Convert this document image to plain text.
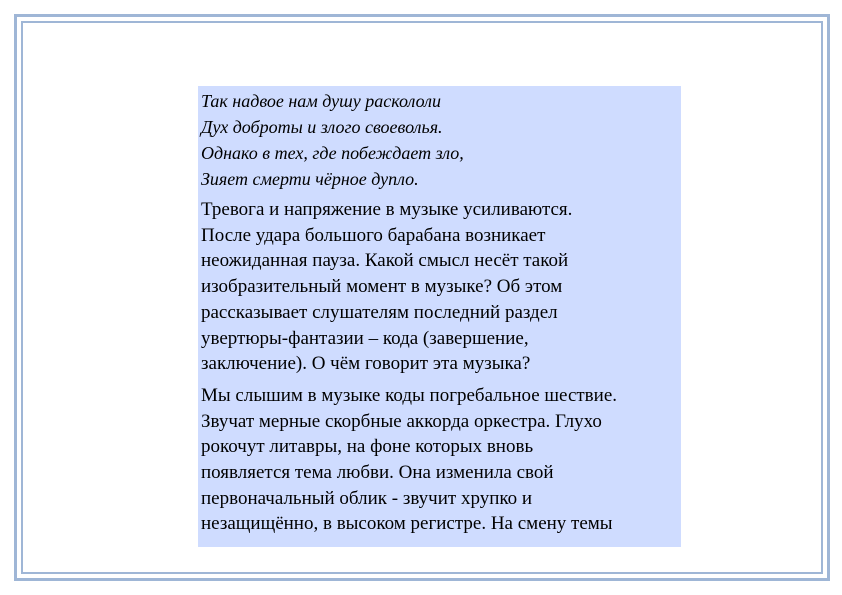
Так надвое нам душу раскололи
Дух доброты и злого своеволья.
Однако в тех, где побеждает зло,
Зияет смерти чёрное дупло.
Тревога и напряжение в музыке усиливаются.
После удара большого барабана возникает
неожиданная пауза. Какой смысл несёт такой
изобразительный момент в музыке? Об этом
рассказывает слушателям последний раздел
увертюры-фантазии – кода (завершение,
заключение). О чём говорит эта музыка?
Мы слышим в музыке коды погребальное шествие.
Звучат мерные скорбные аккорда оркестра. Глухо
рокочут литавры, на фоне которых вновь
появляется тема любви. Она изменила свой
первоначальный облик - звучит хрупко и
незащищённо, в высоком регистре. На смену темы
